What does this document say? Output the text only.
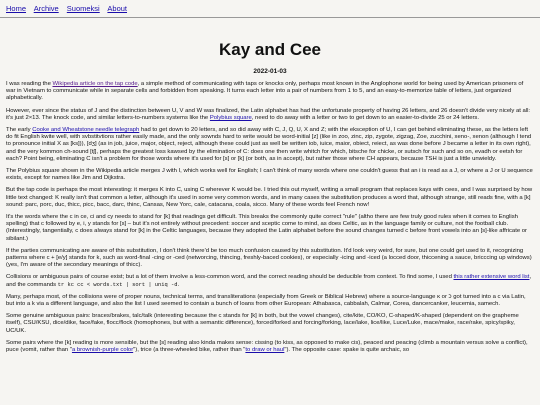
Home Archive Suomeksi About
Kay and Cee
2022-01-03

I was reading the Wikipedia article on the tap code, a simple method of communicating with taps or knocks only, perhaps most known in the Anglophone world for being used by American prisoners of war in Vietnam to communicate while in separate cells and forbidden from speaking. It turns each letter into a pair of numbers from 1 to 5, and an easy-to-memorize table of letters, just organized alphabetically.

However, ever since the status of J and the distinction between U, V and W was finalized, the Latin alphabet has had the unfortunate property of having 26 letters, and 26 doesn't divide very nicely at all: it's just 2×13. The knock code, and similar letters-to-numbers systems like the Polybius square, need to do away with a letter or two to get down to an easier-to-divide 25 or 24 letters.

The early Cooke and Wheatstone needle telegraph had to get down to 20 letters, and so did away with C, J, Q, U, X and Z; with the eksception of U, I can get behind eliminating these, as the letters left do fit English kwite well, with svbstitvtions rather easily made, and the only sownds hard to write would be word-initial [z] (like in zoo, zinc, zip, zygote, zigzag, Zoe, zucchini, xeno-, xenon (although I tend to pronounce initial X as [ks])), [dʒ] (as in job, juice, major, object, reject, although these could just as well be written iob, iuice, maior, obiect, reiect, as was done before J became a letter in its own right), and the very kommon ch-sound [tʃ], perhaps the greatest loss kawsed by the elimination of C: does one then write whitch for which, bitsche for chicke, or sutsch for such and so on, evadh or eetsh for each? Point being, eliminating C isn't a problem for those words where it's used for [s] or [k] (or both, as in accept), but rather those where CH appears, because TSH is just a little unwieldy.

The Polybius square shown in the Wikipedia article merges J with I, which works well for English; I can't think of many words where one couldn't guess that an i is read as a J, or where a J or U sequence exists, except for names like Jim and Dijkstra.

But the tap code is perhaps the most interesting: it merges K into C, using C wherever K would be. I tried this out myself, writing a small program that replaces kays with cees, and I was surprised by how little text changed: K really isn't that common a letter, although it's used in some very common words, and in many cases the substitution produces a word that, although strange, still reads fine, with a [k] sound: parc, porc, duc, thicc, picc, bacc, darc, thinc, Cansas, New Yorc, cale, catacana, coala, sicco. Many of these words feel French now!

It's the words where the c in ce, ci and cy needs to stand for [k] that readings get difficult. This breaks the commonly quite correct "rule" (altho there are few truly good rules when it comes to English spelling) that c followed by e, i, y stands for [s] – but it's not entirely without precedent: soccer and sceptic come to mind, as does Celtic, as in the language family or culture, not the football club. (Interestingly, tangentially, c does always stand for [k] in the Celtic languages, because they adopted the Latin alphabet before the sound changes turned c before front vowels into an [s]-like affricate or sibilant.)

If the parties communicating are aware of this substitution, I don't think there'd be too much confusion caused by this substitution. It'd look very weird, for sure, but one could get used to it, recognizing patterns where c + [e/y] stands for k, such as word-final -cing or -ced (networcing, thincing, freshly-baced cookies), or especially -icing and -iced (a locced door, thiccening a sauce, bricccing up windows) (yes, I'm aware of the secondary meanings of thicc).

Collisions or ambiguous pairs of course exist; but a lot of them involve a less-common word, and the correct reading should be deducible from context. To find some, I used this rather extensive word list, and the commands tr kc cc < words.txt | sort | uniq -d.

Many, perhaps most, of the collisions were of proper nouns, technical terms, and transliterations (especially from Greek or Biblical Hebrew) where a source-language κ or כ got turned into a c via Latin, but into a k via a different language, and also the list I used seemed to contain a bunch of loans from other European: Athabasca, cabbalah, Calmar, Corea, dancercanker, leucemia, samech.

Some genuine ambiguous pairs: braces/brakes, talc/talk (interesting because the c stands for [k] in both, but the vowel changes), cite/kite, CO/KO, C-shaped/K-shaped (dependent on the grapheme itself), CSU/KSU, dice/dike, face/fake, flocc/flock (homophones, but with a semantic difference), forced/forked and forcing/forking, lace/lake, lice/like, Luce/Luke, mace/make, race/rake, spicy/spiky, UC/UK.

Some pairs where the [k] reading is more sensible, but the [s] reading also kinda makes sense: cissing (to kiss, as opposed to make cis), peaced and peacing (climb a mountain versus solve a conflict), puce (vomit, rather than "a brownish-purple color"), trice (a three-wheeled bike, rather than "to draw or haul"). The opposite case: spake is quite archaic, so
